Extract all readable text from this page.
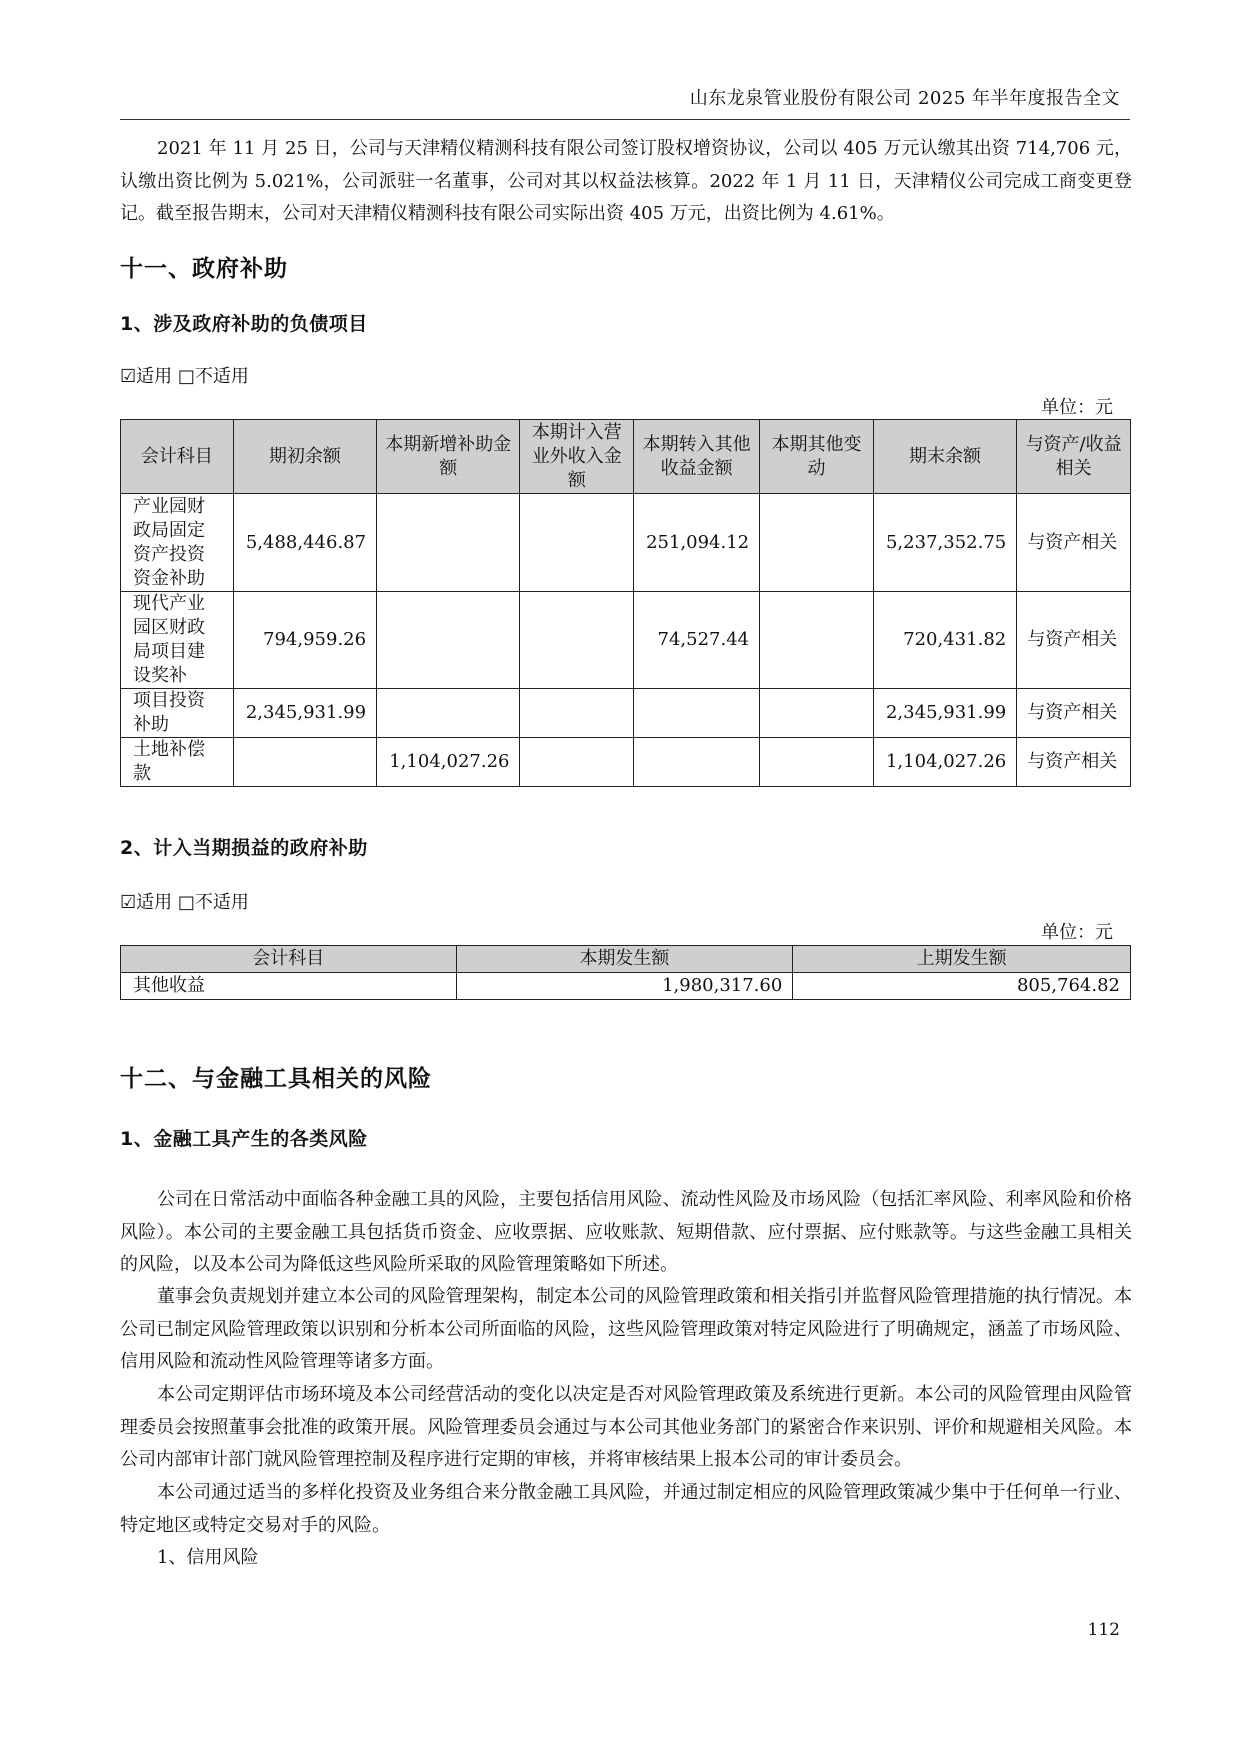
山东龙泉管业股份有限公司 2025 年半年度报告全文
2021 年 11 月 25 日，公司与天津精仪精测科技有限公司签订股权增资协议，公司以 405 万元认缴其出资 714,706 元，认缴出资比例为 5.021%，公司派驻一名董事，公司对其以权益法核算。2022 年 1 月 11 日，天津精仪公司完成工商变更登记。截至报告期末，公司对天津精仪精测科技有限公司实际出资 405 万元，出资比例为 4.61%。
十一、政府补助
1、涉及政府补助的负债项目
☑适用 □不适用
单位：元
会计科目	期初余额	本期新增补助金额	本期计入营业外收入金额	本期转入其他收益金额	本期其他变动	期末余额	与资产/收益相关
产业园财政局固定资产投资资金补助	5,488,446.87			251,094.12		5,237,352.75	与资产相关
现代产业园区财政局项目建设奖补	794,959.26			74,527.44		720,431.82	与资产相关
项目投资补助	2,345,931.99					2,345,931.99	与资产相关
土地补偿款		1,104,027.26				1,104,027.26	与资产相关
2、计入当期损益的政府补助
☑适用 □不适用
单位：元
会计科目	本期发生额	上期发生额
其他收益	1,980,317.60	805,764.82
十二、与金融工具相关的风险
1、金融工具产生的各类风险
公司在日常活动中面临各种金融工具的风险，主要包括信用风险、流动性风险及市场风险（包括汇率风险、利率风险和价格风险）。本公司的主要金融工具包括货币资金、应收票据、应收账款、短期借款、应付票据、应付账款等。与这些金融工具相关的风险，以及本公司为降低这些风险所采取的风险管理策略如下所述。
董事会负责规划并建立本公司的风险管理架构，制定本公司的风险管理政策和相关指引并监督风险管理措施的执行情况。本公司已制定风险管理政策以识别和分析本公司所面临的风险，这些风险管理政策对特定风险进行了明确规定，涵盖了市场风险、信用风险和流动性风险管理等诸多方面。
本公司定期评估市场环境及本公司经营活动的变化以决定是否对风险管理政策及系统进行更新。本公司的风险管理由风险管理委员会按照董事会批准的政策开展。风险管理委员会通过与本公司其他业务部门的紧密合作来识别、评价和规避相关风险。本公司内部审计部门就风险管理控制及程序进行定期的审核，并将审核结果上报本公司的审计委员会。
本公司通过适当的多样化投资及业务组合来分散金融工具风险，并通过制定相应的风险管理政策减少集中于任何单一行业、特定地区或特定交易对手的风险。
1、信用风险
112
